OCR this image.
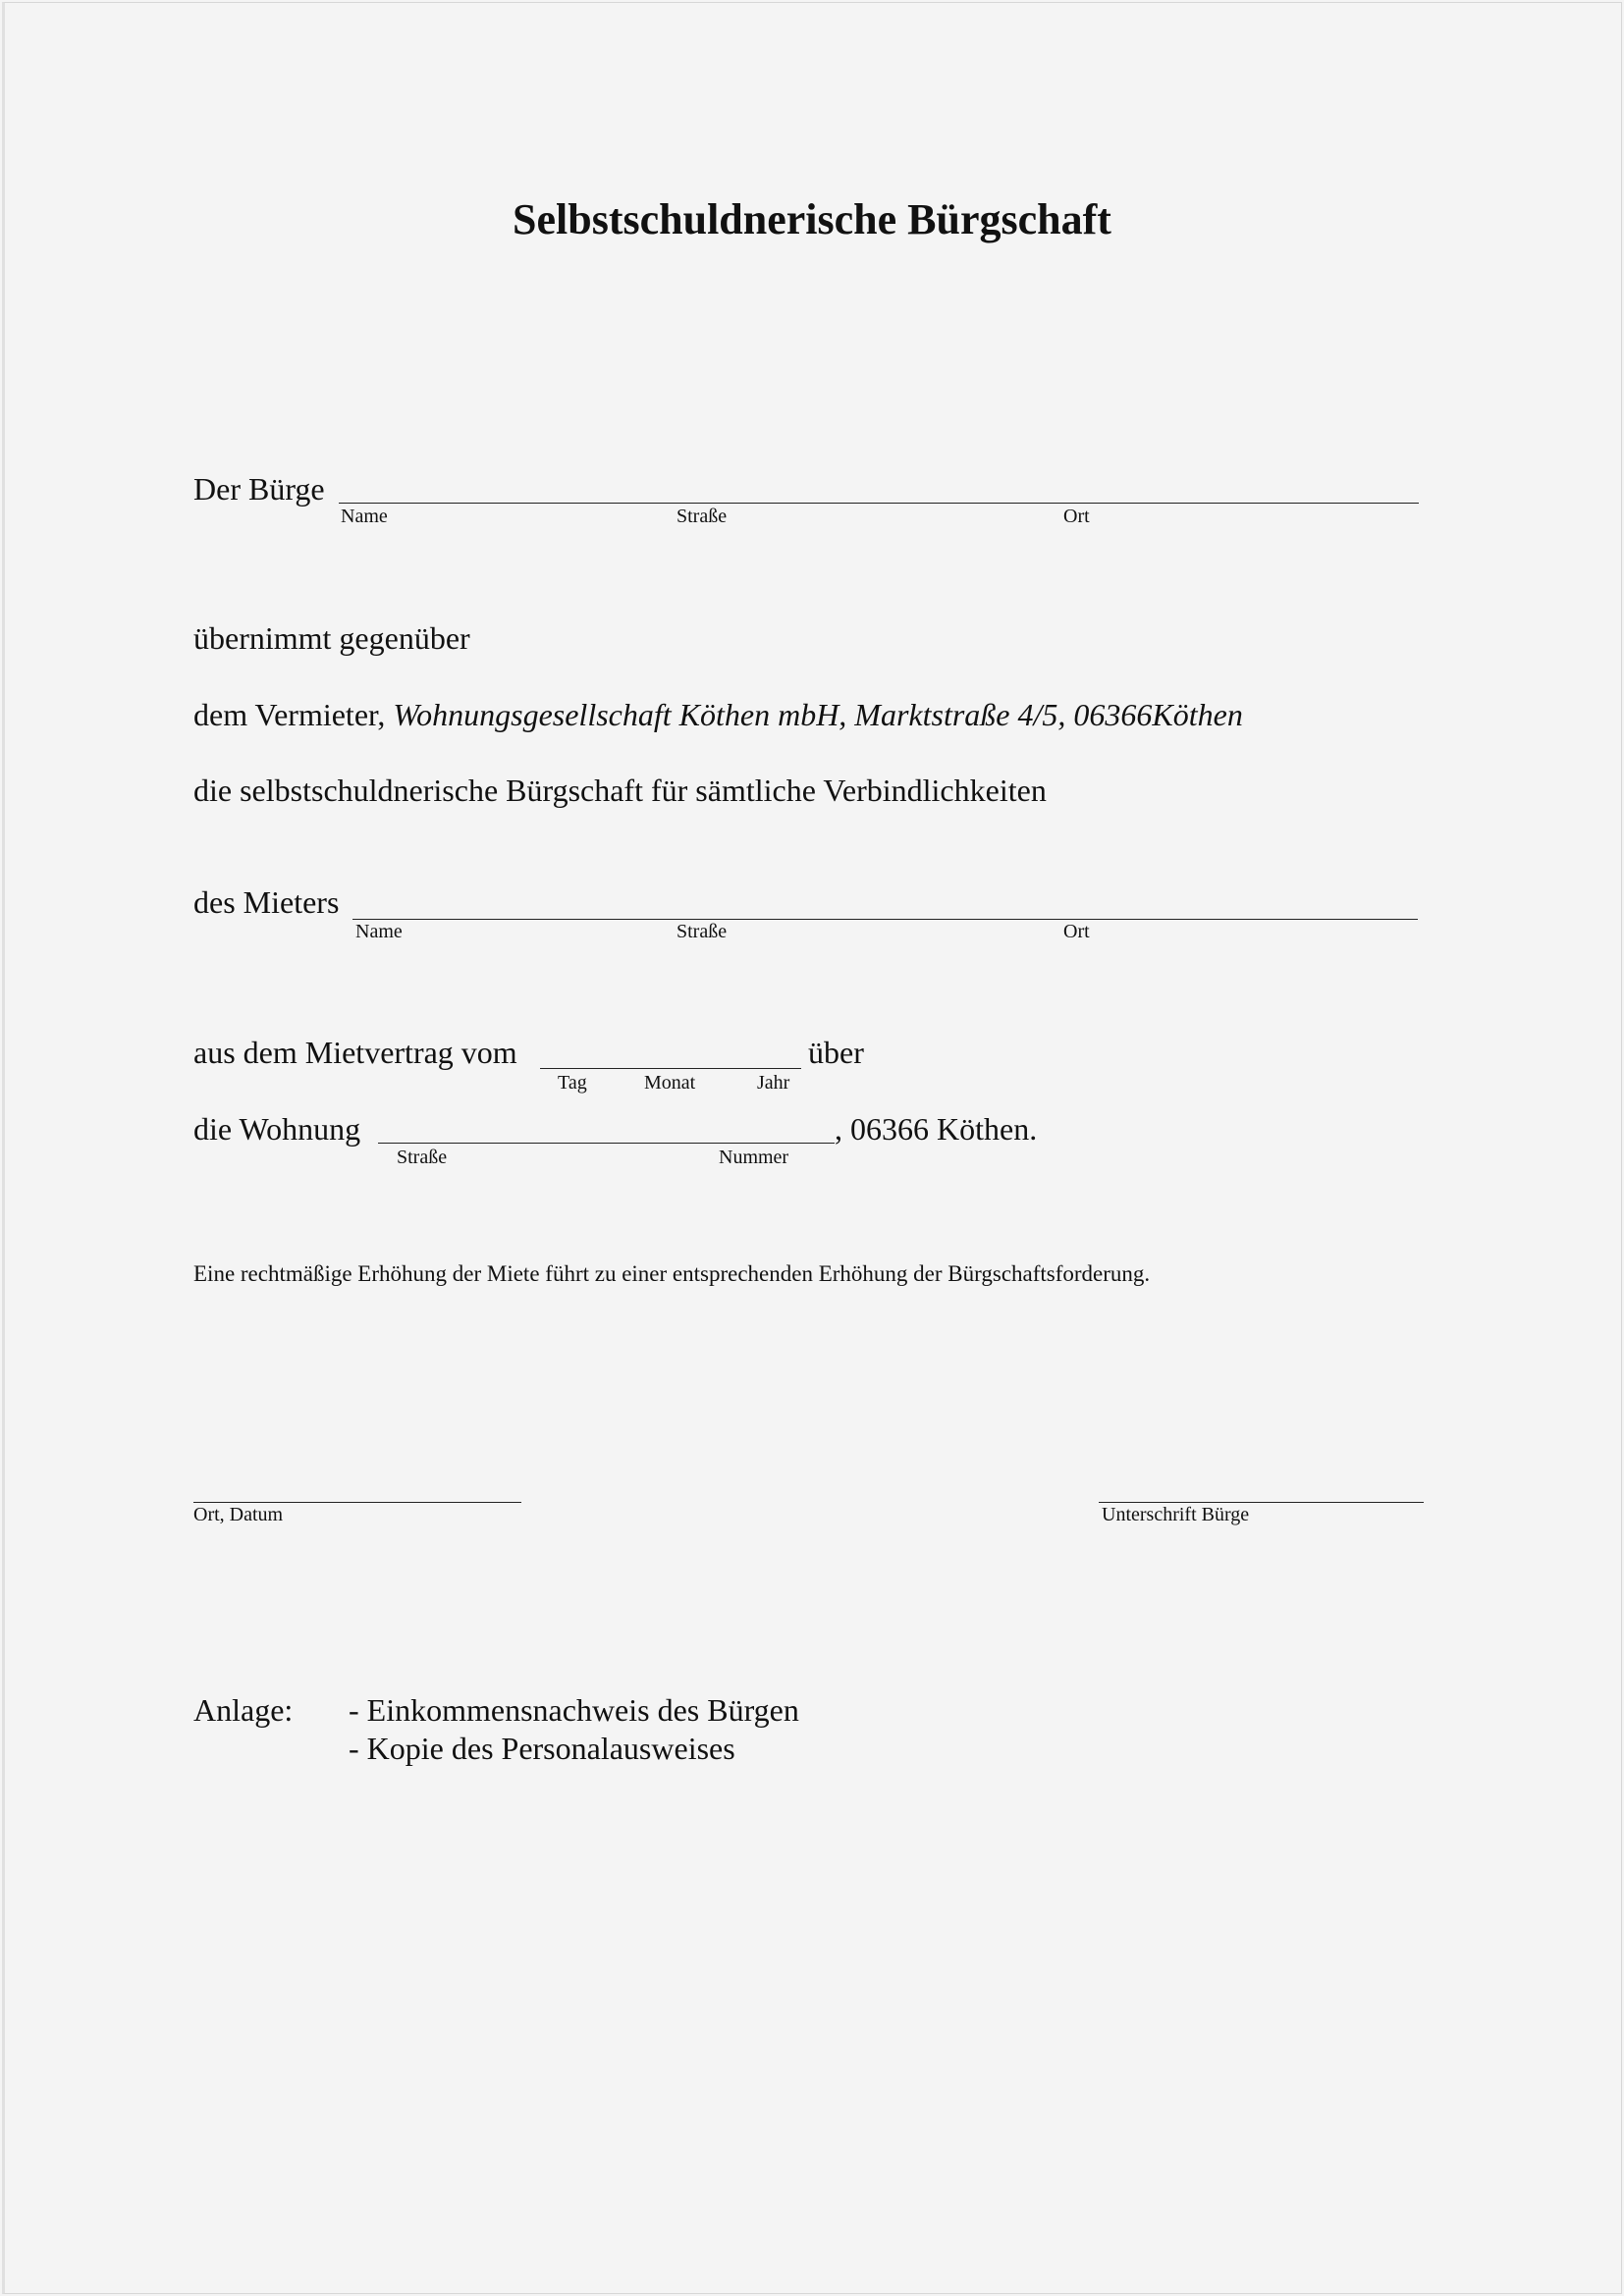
Selbstschuldnerische Bürgschaft
Der Bürge
Name	Straße	Ort
übernimmt gegenüber
dem Vermieter, Wohnungsgesellschaft Köthen mbH, Marktstraße 4/5, 06366Köthen
die selbstschuldnerische Bürgschaft für sämtliche Verbindlichkeiten
des Mieters
Name	Straße	Ort
aus dem Mietvertrag vom	über
Tag	Monat	Jahr
die Wohnung	, 06366 Köthen.
Straße	Nummer
Eine rechtmäßige Erhöhung der Miete führt zu einer entsprechenden Erhöhung der Bürgschaftsforderung.
Ort, Datum	Unterschrift Bürge
Anlage: - Einkommensnachweis des Bürgen
- Kopie des Personalausweises
